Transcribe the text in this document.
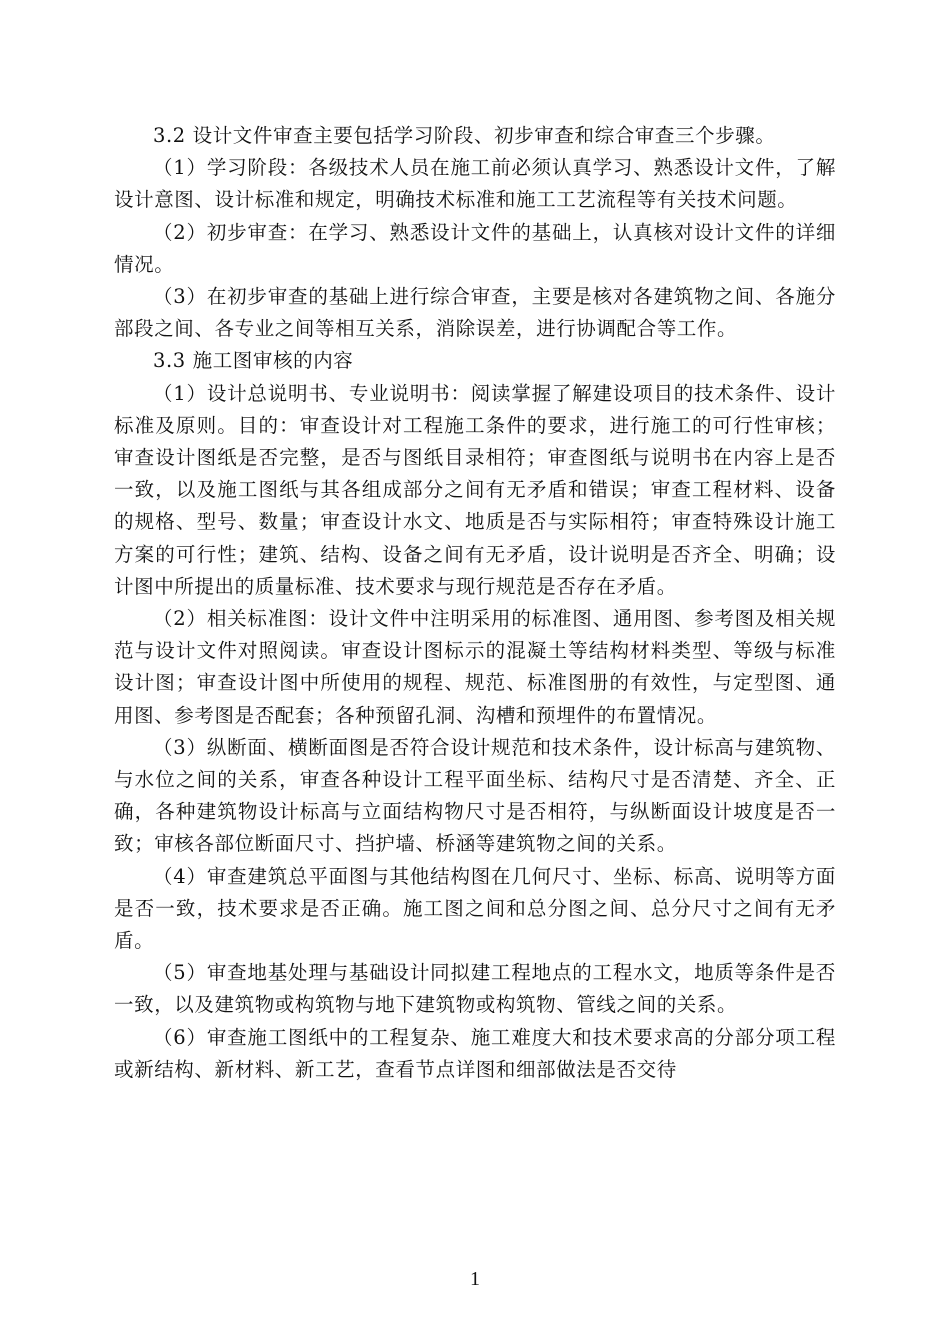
3.2 设计文件审查主要包括学习阶段、初步审查和综合审查三个步骤。

（1）学习阶段：各级技术人员在施工前必须认真学习、熟悉设计文件，了解设计意图、设计标准和规定，明确技术标准和施工工艺流程等有关技术问题。

（2）初步审查：在学习、熟悉设计文件的基础上，认真核对设计文件的详细情况。

（3）在初步审查的基础上进行综合审查，主要是核对各建筑物之间、各施分部段之间、各专业之间等相互关系，消除误差，进行协调配合等工作。

3.3 施工图审核的内容

（1）设计总说明书、专业说明书：阅读掌握了解建设项目的技术条件、设计标准及原则。目的：审查设计对工程施工条件的要求，进行施工的可行性审核；审查设计图纸是否完整，是否与图纸目录相符；审查图纸与说明书在内容上是否一致，以及施工图纸与其各组成部分之间有无矛盾和错误；审查工程材料、设备的规格、型号、数量；审查设计水文、地质是否与实际相符；审查特殊设计施工方案的可行性；建筑、结构、设备之间有无矛盾，设计说明是否齐全、明确；设计图中所提出的质量标准、技术要求与现行规范是否存在矛盾。

（2）相关标准图：设计文件中注明采用的标准图、通用图、参考图及相关规范与设计文件对照阅读。审查设计图标示的混凝土等结构材料类型、等级与标准设计图；审查设计图中所使用的规程、规范、标准图册的有效性，与定型图、通用图、参考图是否配套；各种预留孔洞、沟槽和预埋件的布置情况。

（3）纵断面、横断面图是否符合设计规范和技术条件，设计标高与建筑物、与水位之间的关系，审查各种设计工程平面坐标、结构尺寸是否清楚、齐全、正确，各种建筑物设计标高与立面结构物尺寸是否相符，与纵断面设计坡度是否一致；审核各部位断面尺寸、挡护墙、桥涵等建筑物之间的关系。

（4）审查建筑总平面图与其他结构图在几何尺寸、坐标、标高、说明等方面是否一致，技术要求是否正确。施工图之间和总分图之间、总分尺寸之间有无矛盾。

（5）审查地基处理与基础设计同拟建工程地点的工程水文，地质等条件是否一致，以及建筑物或构筑物与地下建筑物或构筑物、管线之间的关系。

（6）审查施工图纸中的工程复杂、施工难度大和技术要求高的分部分项工程或新结构、新材料、新工艺，查看节点详图和细部做法是否交待

1
